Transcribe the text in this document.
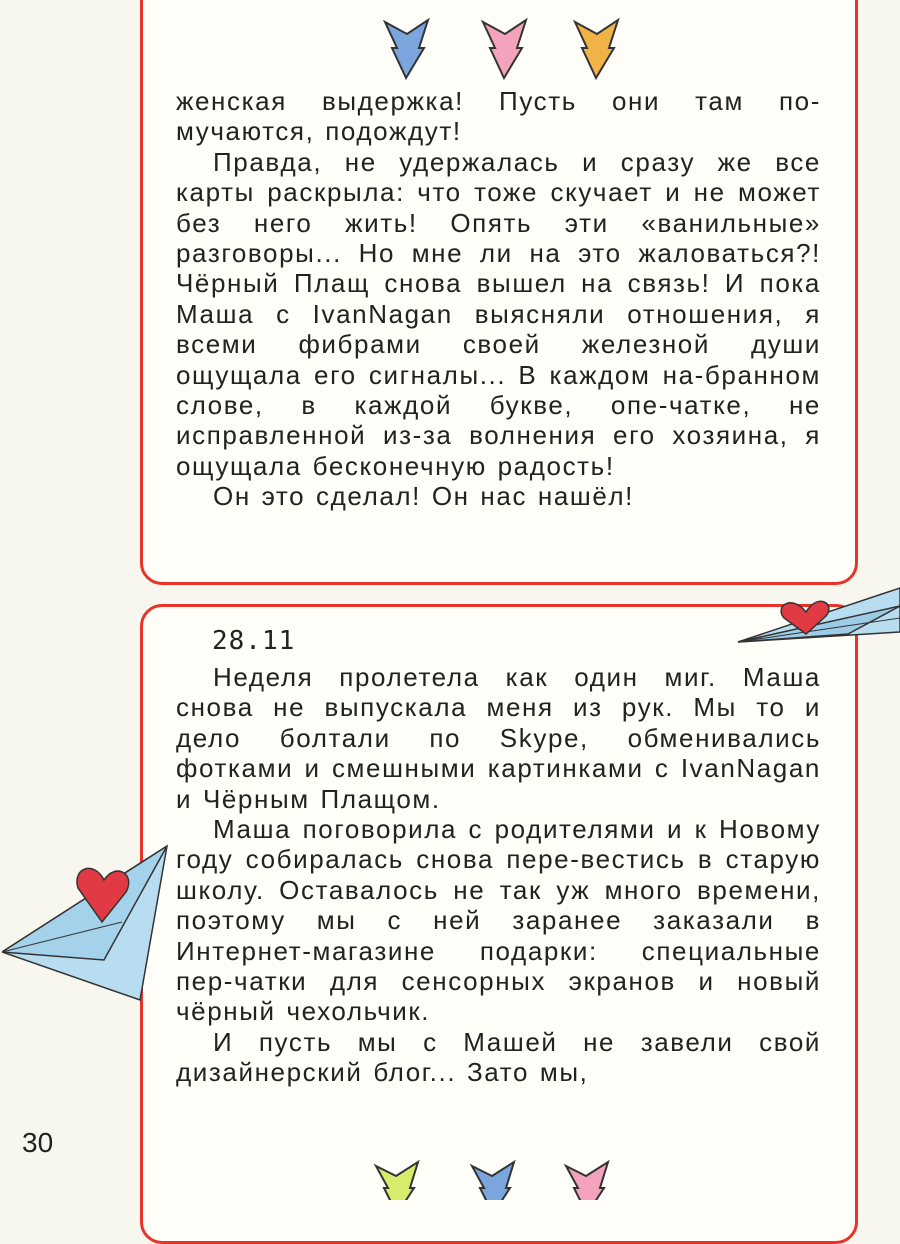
женская выдержка! Пусть они там по-мучаются, подождут!

Правда, не удержалась и сразу же все карты раскрыла: что тоже скучает и не может без него жить! Опять эти «ванильные» разговоры... Но мне ли на это жаловаться?! Чёрный Плащ снова вышел на связь! И пока Маша с IvanNagan выясняли отношения, я всеми фибрами своей железной души ощущала его сигналы... В каждом на-бранном слове, в каждой букве, опе-чатке, не исправленной из-за волнения его хозяина, я ощущала бесконечную радость!

Он это сделал! Он нас нашёл!

28.11

Неделя пролетела как один миг. Маша снова не выпускала меня из рук. Мы то и дело болтали по Skype, обменивались фотками и смешными картинками с IvanNagan и Чёрным Плащом.

Маша поговорила с родителями и к Новому году собиралась снова пере-вестись в старую школу. Оставалось не так уж много времени, поэтому мы с ней заранее заказали в Интернет-магазине подарки: специальные пер-чатки для сенсорных экранов и новый чёрный чехольчик.

И пусть мы с Машей не завели свой дизайнерский блог... Зато мы,

30
